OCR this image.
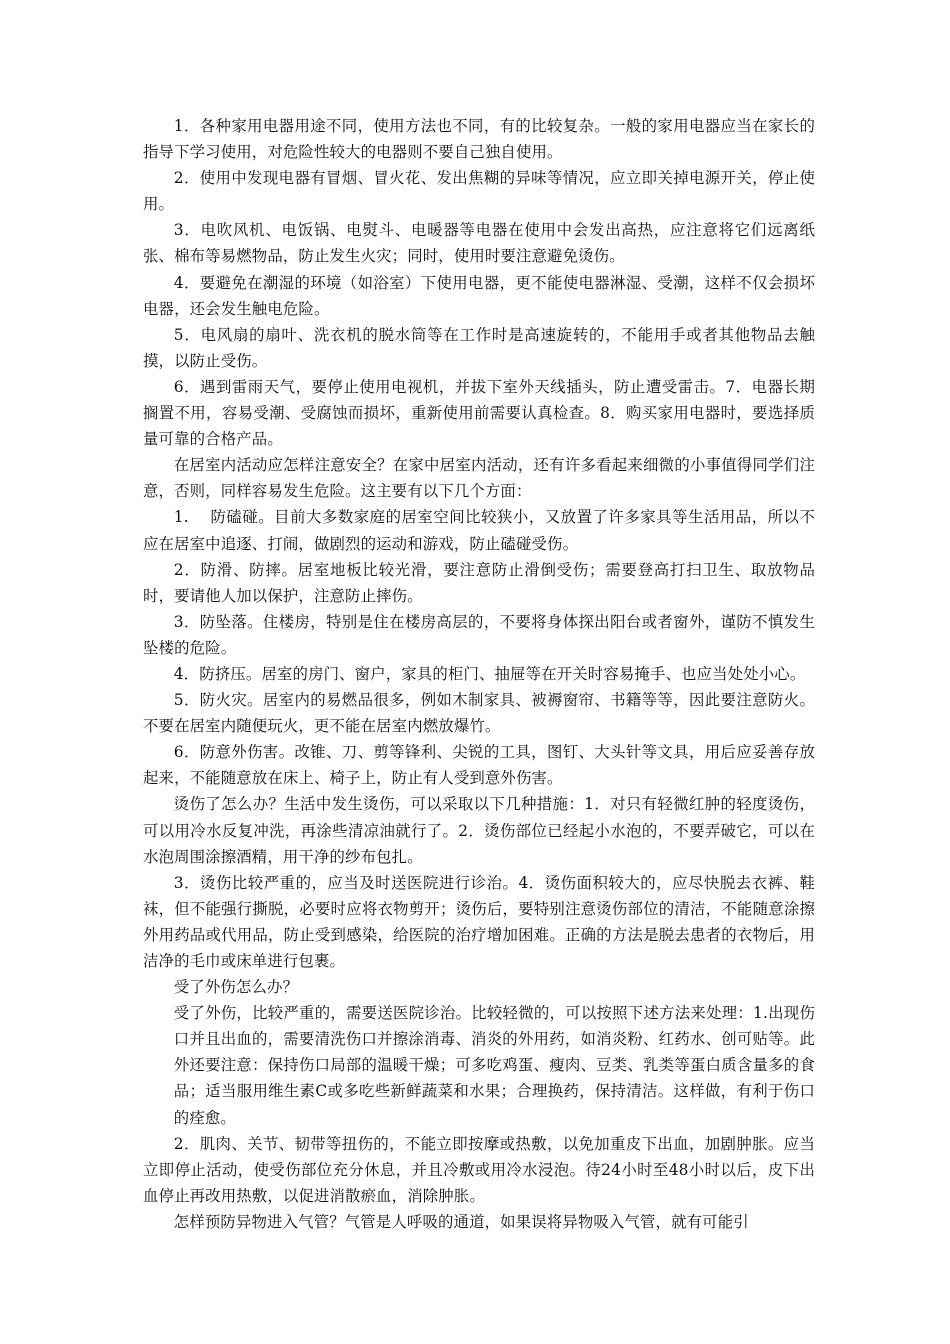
1．各种家用电器用途不同，使用方法也不同，有的比较复杂。一般的家用电器应当在家长的指导下学习使用，对危险性较大的电器则不要自己独自使用。

2．使用中发现电器有冒烟、冒火花、发出焦糊的异味等情况，应立即关掉电源开关，停止使用。

3．电吹风机、电饭锅、电熨斗、电暖器等电器在使用中会发出高热，应注意将它们远离纸张、棉布等易燃物品，防止发生火灾；同时，使用时要注意避免烫伤。

4．要避免在潮湿的环境（如浴室）下使用电器，更不能使电器淋湿、受潮，这样不仅会损坏电器，还会发生触电危险。

5．电风扇的扇叶、洗衣机的脱水筒等在工作时是高速旋转的，不能用手或者其他物品去触摸，以防止受伤。

6．遇到雷雨天气，要停止使用电视机，并拔下室外天线插头，防止遭受雷击。7．电器长期搁置不用，容易受潮、受腐蚀而损坏，重新使用前需要认真检查。8．购买家用电器时，要选择质量可靠的合格产品。

在居室内活动应怎样注意安全？在家中居室内活动，还有许多看起来细微的小事值得同学们注意，否则，同样容易发生危险。这主要有以下几个方面：

1.　 防磕碰。目前大多数家庭的居室空间比较狭小，又放置了许多家具等生活用品，所以不应在居室中追逐、打闹，做剧烈的运动和游戏，防止磕碰受伤。

2．防滑、防摔。居室地板比较光滑，要注意防止滑倒受伤；需要登高打扫卫生、取放物品时，要请他人加以保护，注意防止摔伤。

3．防坠落。住楼房，特别是住在楼房高层的，不要将身体探出阳台或者窗外，谨防不慎发生坠楼的危险。

4．防挤压。居室的房门、窗户，家具的柜门、抽屉等在开关时容易掩手、也应当处处小心。

5．防火灾。居室内的易燃品很多，例如木制家具、被褥窗帘、书籍等等，因此要注意防火。不要在居室内随便玩火，更不能在居室内燃放爆竹。

6．防意外伤害。改锥、刀、剪等锋利、尖锐的工具，图钉、大头针等文具，用后应妥善存放起来，不能随意放在床上、椅子上，防止有人受到意外伤害。

烫伤了怎么办？生活中发生烫伤，可以采取以下几种措施：1．对只有轻微红肿的轻度烫伤，可以用冷水反复冲洗，再涂些清凉油就行了。2．烫伤部位已经起小水泡的，不要弄破它，可以在水泡周围涂擦酒精，用干净的纱布包扎。

3．烫伤比较严重的，应当及时送医院进行诊治。4．烫伤面积较大的，应尽快脱去衣裤、鞋袜，但不能强行撕脱，必要时应将衣物剪开；烫伤后，要特别注意烫伤部位的清洁，不能随意涂擦外用药品或代用品，防止受到感染，给医院的治疗增加困难。正确的方法是脱去患者的衣物后，用洁净的毛巾或床单进行包裹。

受了外伤怎么办？

受了外伤，比较严重的，需要送医院诊治。比较轻微的，可以按照下述方法来处理：1.出现伤口并且出血的，需要清洗伤口并擦涂消毒、消炎的外用药，如消炎粉、红药水、创可贴等。此外还要注意：保持伤口局部的温暖干燥；可多吃鸡蛋、瘦肉、豆类、乳类等蛋白质含量多的食品；适当服用维生素C或多吃些新鲜蔬菜和水果；合理换药，保持清洁。这样做，有利于伤口的痊愈。

2．肌肉、关节、韧带等扭伤的，不能立即按摩或热敷，以免加重皮下出血，加剧肿胀。应当立即停止活动，使受伤部位充分休息，并且冷敷或用冷水浸泡。待24小时至48小时以后，皮下出血停止再改用热敷，以促进消散瘀血，消除肿胀。

怎样预防异物进入气管？气管是人呼吸的通道，如果误将异物吸入气管，就有可能引
